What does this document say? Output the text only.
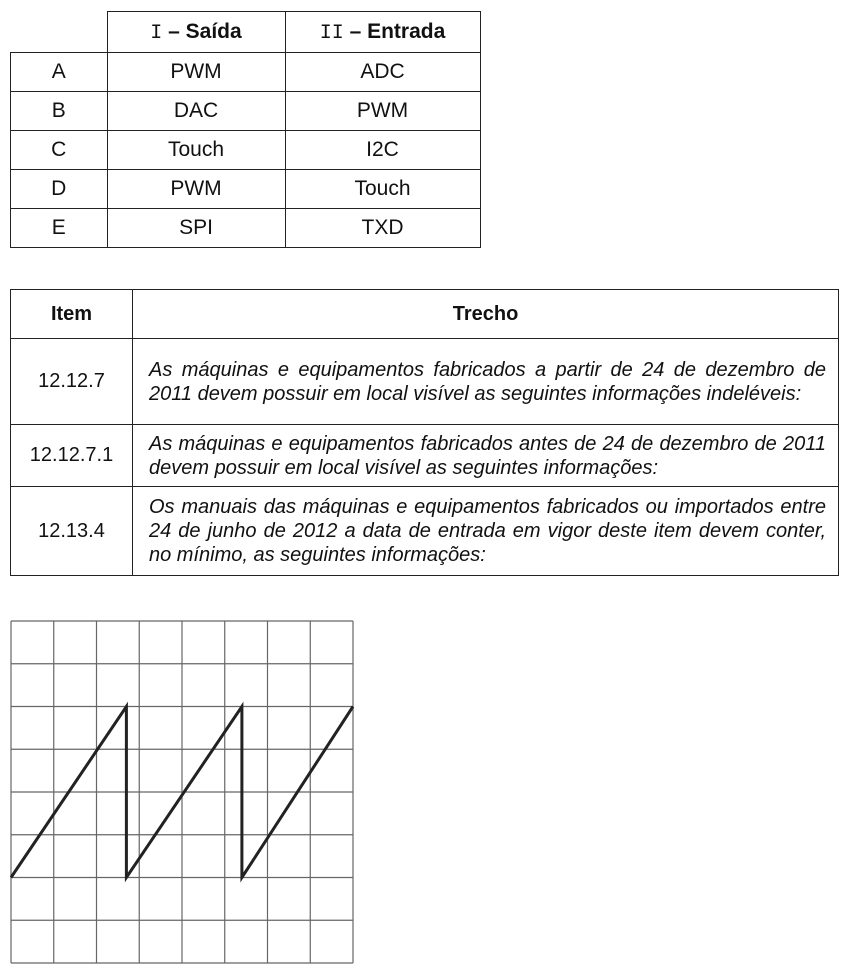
	I – Saída	II – Entrada
A	PWM	ADC
B	DAC	PWM
C	Touch	I2C
D	PWM	Touch
E	SPI	TXD
Item	Trecho
12.12.7	As máquinas e equipamentos fabricados a partir de 24 de dezembro de 2011 devem possuir em local visível as seguintes informações indeléveis:
12.12.7.1	As máquinas e equipamentos fabricados antes de 24 de dezembro de 2011 devem possuir em local visível as seguintes informações:
12.13.4	Os manuais das máquinas e equipamentos fabricados ou importados entre 24 de junho de 2012 a data de entrada em vigor deste item devem conter, no mínimo, as seguintes informações:
